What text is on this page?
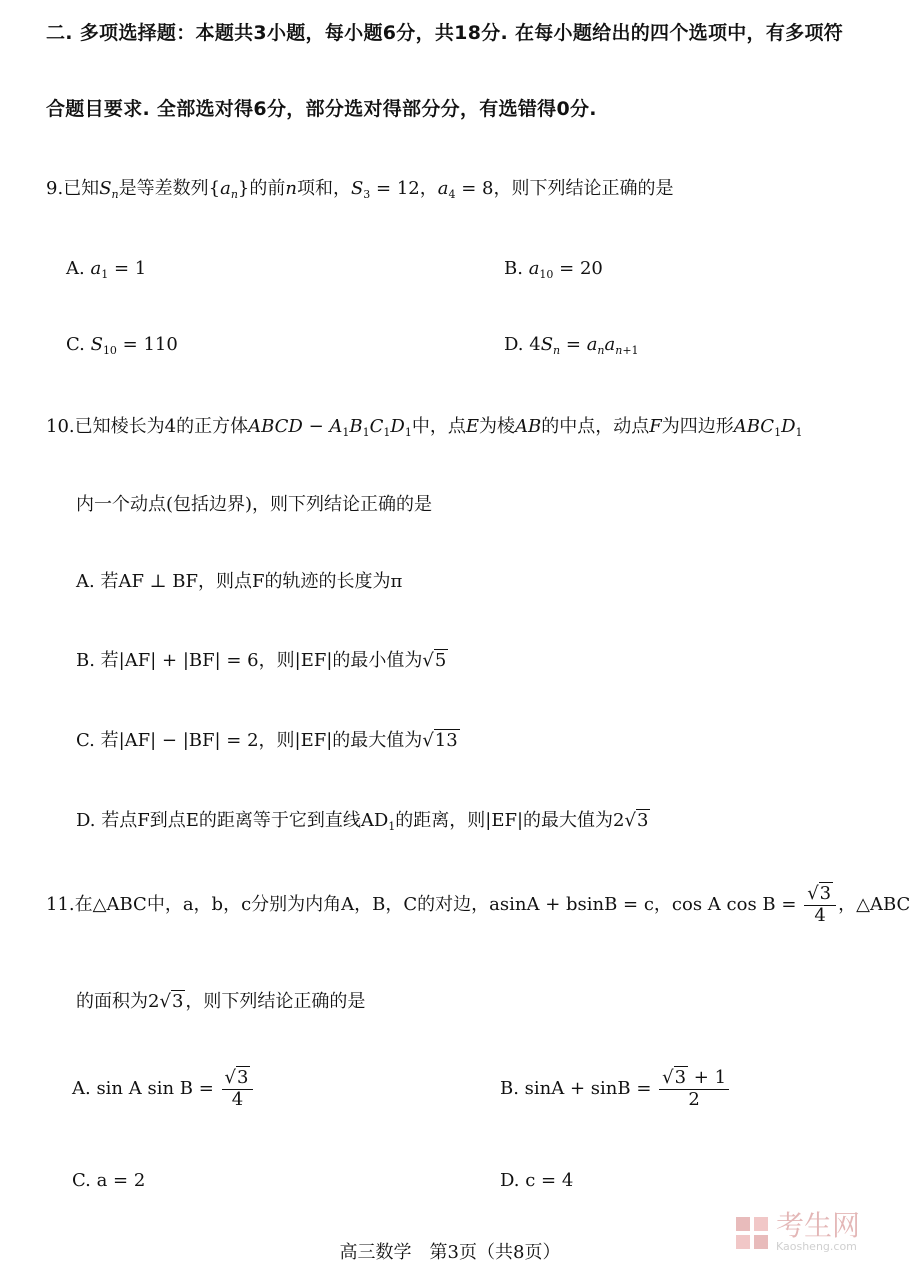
二. 多项选择题：本题共3小题，每小题6分，共18分. 在每小题给出的四个选项中，有多项符
合题目要求. 全部选对得6分，部分选对得部分分，有选错得0分.
9.已知$S_n$是等差数列$\{a_n\}$的前n项和，$S_3 = 12$，$a_4 = 8$，则下列结论正确的是
A. $a_1 = 1$	B. $a_{10} = 20$
C. $S_{10} = 110$	D. $4S_n = a_na_{n+1}$
10.已知棱长为4的正方体ABCD − $A_1B_1C_1D_1$中，点E为棱AB的中点，动点F为四边形$ABC_1D_1$
内一个动点(包括边界)，则下列结论正确的是
A. 若AF ⊥ BF，则点F的轨迹的长度为π
B. 若|AF| + |BF| = 6，则|EF|的最小值为√5
C. 若|AF| − |BF| = 2，则|EF|的最大值为√13
D. 若点F到点E的距离等于它到直线$AD_1$的距离，则|EF|的最大值为2√3
11.在△ABC中，a，b，c分别为内角A，B，C的对边，asinA + bsinB = c，cos A $\cos B = \frac{√3}{4}$ ，△ABC
的面积为2√3 ，则下列结论正确的是
A. sin A $\sin B = \frac{√3}{4}$	B. $\sin A + \sin B = \frac{√3 + 1}{2}$
C. a = 2	D. c = 4
高三数学　第3页（共8页）
考生网
Kaosheng.com
